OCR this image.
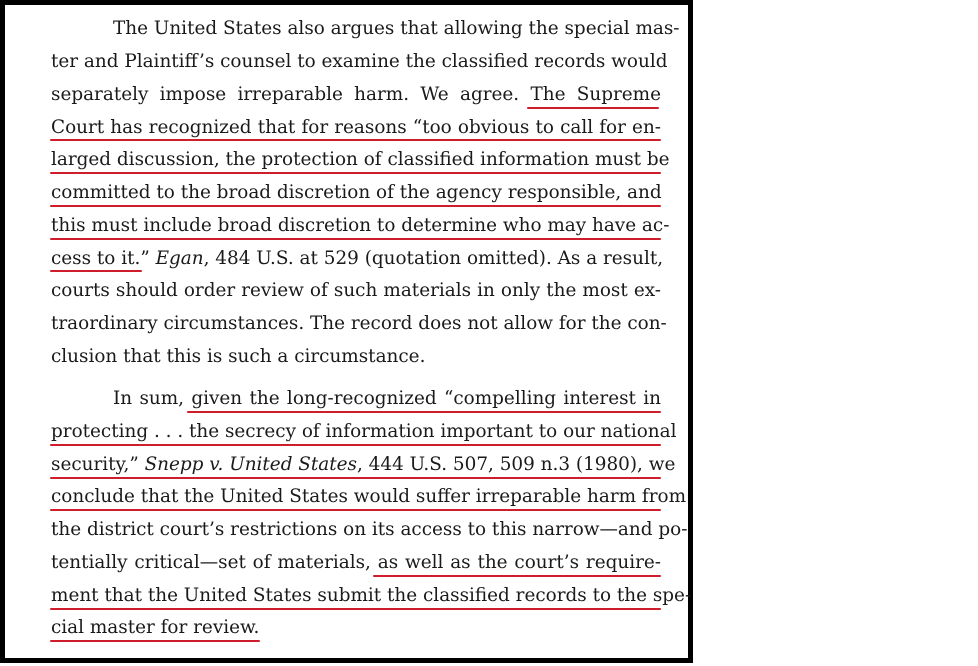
The United States also argues that allowing the special mas-
ter and Plaintiff’s counsel to examine the classified records would
separately impose irreparable harm. We agree. The Supreme
Court has recognized that for reasons “too obvious to call for en-
larged discussion, the protection of classified information must be
committed to the broad discretion of the agency responsible, and
this must include broad discretion to determine who may have ac-
cess to it.” Egan, 484 U.S. at 529 (quotation omitted). As a result,
courts should order review of such materials in only the most ex-
traordinary circumstances. The record does not allow for the con-
clusion that this is such a circumstance.
In sum, given the long-recognized “compelling interest in
protecting . . . the secrecy of information important to our national
security,” Snepp v. United States, 444 U.S. 507, 509 n.3 (1980), we
conclude that the United States would suffer irreparable harm from
the district court’s restrictions on its access to this narrow—and po-
tentially critical—set of materials, as well as the court’s require-
ment that the United States submit the classified records to the spe-
cial master for review.
